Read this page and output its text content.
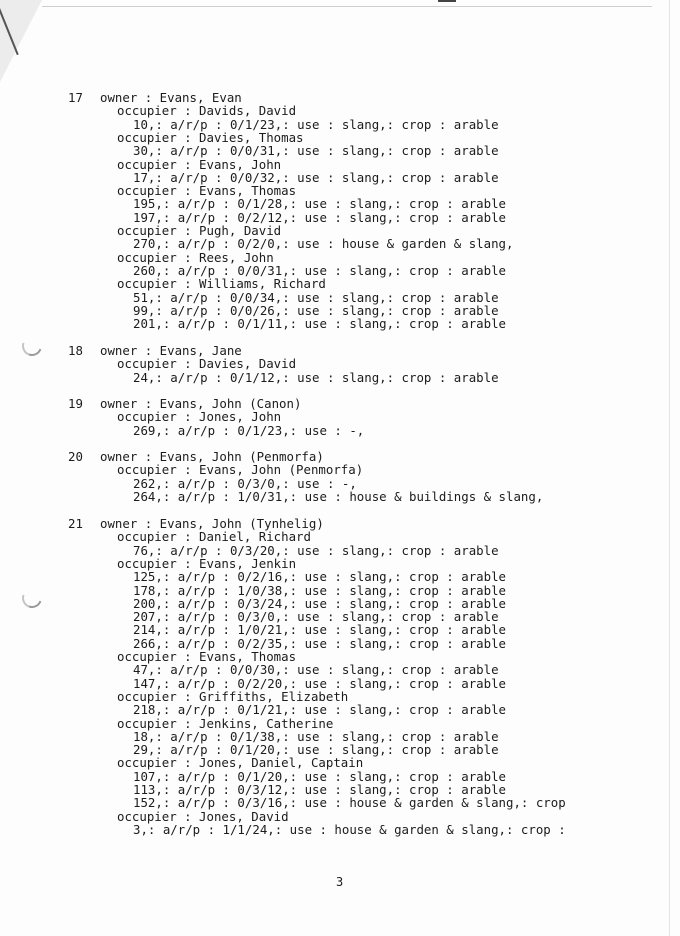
17 owner : Evans, Evan
occupier : Davids, David
10,: a/r/p : 0/1/23,: use : slang,: crop : arable
occupier : Davies, Thomas
30,: a/r/p : 0/0/31,: use : slang,: crop : arable
occupier : Evans, John
17,: a/r/p : 0/0/32,: use : slang,: crop : arable
occupier : Evans, Thomas
195,: a/r/p : 0/1/28,: use : slang,: crop : arable
197,: a/r/p : 0/2/12,: use : slang,: crop : arable
occupier : Pugh, David
270,: a/r/p : 0/2/0,: use : house & garden & slang,
occupier : Rees, John
260,: a/r/p : 0/0/31,: use : slang,: crop : arable
occupier : Williams, Richard
51,: a/r/p : 0/0/34,: use : slang,: crop : arable
99,: a/r/p : 0/0/26,: use : slang,: crop : arable
201,: a/r/p : 0/1/11,: use : slang,: crop : arable
18 owner : Evans, Jane
occupier : Davies, David
24,: a/r/p : 0/1/12,: use : slang,: crop : arable
19 owner : Evans, John (Canon)
occupier : Jones, John
269,: a/r/p : 0/1/23,: use : -,
20 owner : Evans, John (Penmorfa)
occupier : Evans, John (Penmorfa)
262,: a/r/p : 0/3/0,: use : -,
264,: a/r/p : 1/0/31,: use : house & buildings & slang,
21 owner : Evans, John (Tynhelig)
occupier : Daniel, Richard
76,: a/r/p : 0/3/20,: use : slang,: crop : arable
occupier : Evans, Jenkin
125,: a/r/p : 0/2/16,: use : slang,: crop : arable
178,: a/r/p : 1/0/38,: use : slang,: crop : arable
200,: a/r/p : 0/3/24,: use : slang,: crop : arable
207,: a/r/p : 0/3/0,: use : slang,: crop : arable
214,: a/r/p : 1/0/21,: use : slang,: crop : arable
266,: a/r/p : 0/2/35,: use : slang,: crop : arable
occupier : Evans, Thomas
47,: a/r/p : 0/0/30,: use : slang,: crop : arable
147,: a/r/p : 0/2/20,: use : slang,: crop : arable
occupier : Griffiths, Elizabeth
218,: a/r/p : 0/1/21,: use : slang,: crop : arable
occupier : Jenkins, Catherine
18,: a/r/p : 0/1/38,: use : slang,: crop : arable
29,: a/r/p : 0/1/20,: use : slang,: crop : arable
occupier : Jones, Daniel, Captain
107,: a/r/p : 0/1/20,: use : slang,: crop : arable
113,: a/r/p : 0/3/12,: use : slang,: crop : arable
152,: a/r/p : 0/3/16,: use : house & garden & slang,: crop
occupier : Jones, David
3,: a/r/p : 1/1/24,: use : house & garden & slang,: crop :
3
